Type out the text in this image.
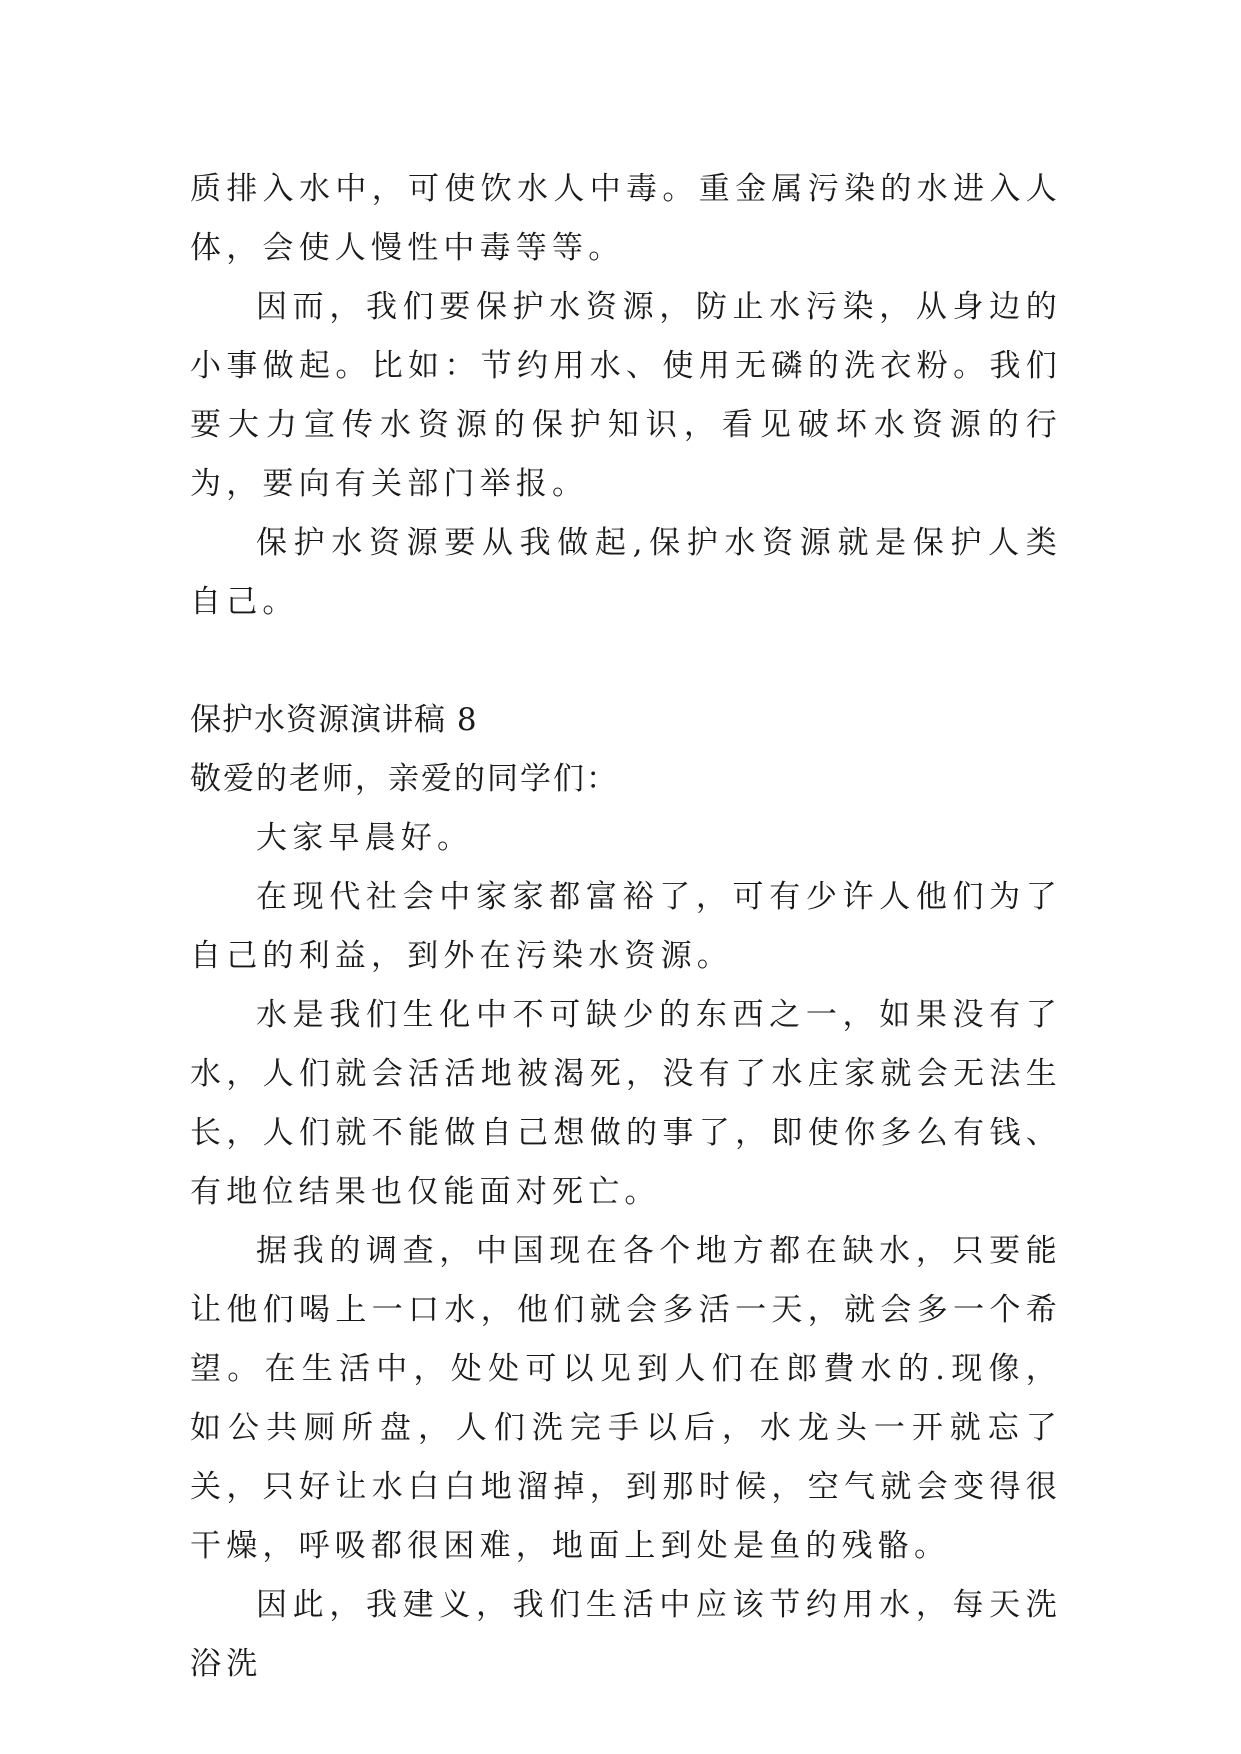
质排入水中，可使饮水人中毒。重金属污染的水进入人体，会使人慢性中毒等等。

因而，我们要保护水资源，防止水污染，从身边的小事做起。比如：节约用水、使用无磷的洗衣粉。我们要大力宣传水资源的保护知识，看见破坏水资源的行为，要向有关部门举报。

保护水资源要从我做起,保护水资源就是保护人类自己。

保护水资源演讲稿 8

敬爱的老师，亲爱的同学们：

大家早晨好。

在现代社会中家家都富裕了，可有少许人他们为了自己的利益，到外在污染水资源。

水是我们生化中不可缺少的东西之一，如果没有了水，人们就会活活地被渴死，没有了水庄家就会无法生长，人们就不能做自己想做的事了，即使你多么有钱、有地位结果也仅能面对死亡。

据我的调查，中国现在各个地方都在缺水，只要能让他们喝上一口水，他们就会多活一天，就会多一个希望。在生活中，处处可以见到人们在郎費水的.现像，如公共厕所盘，人们洗完手以后，水龙头一开就忘了关，只好让水白白地溜掉，到那时候，空气就会变得很干燥，呼吸都很困难，地面上到处是鱼的残骼。

因此，我建义，我们生活中应该节约用水，每天洗浴洗
